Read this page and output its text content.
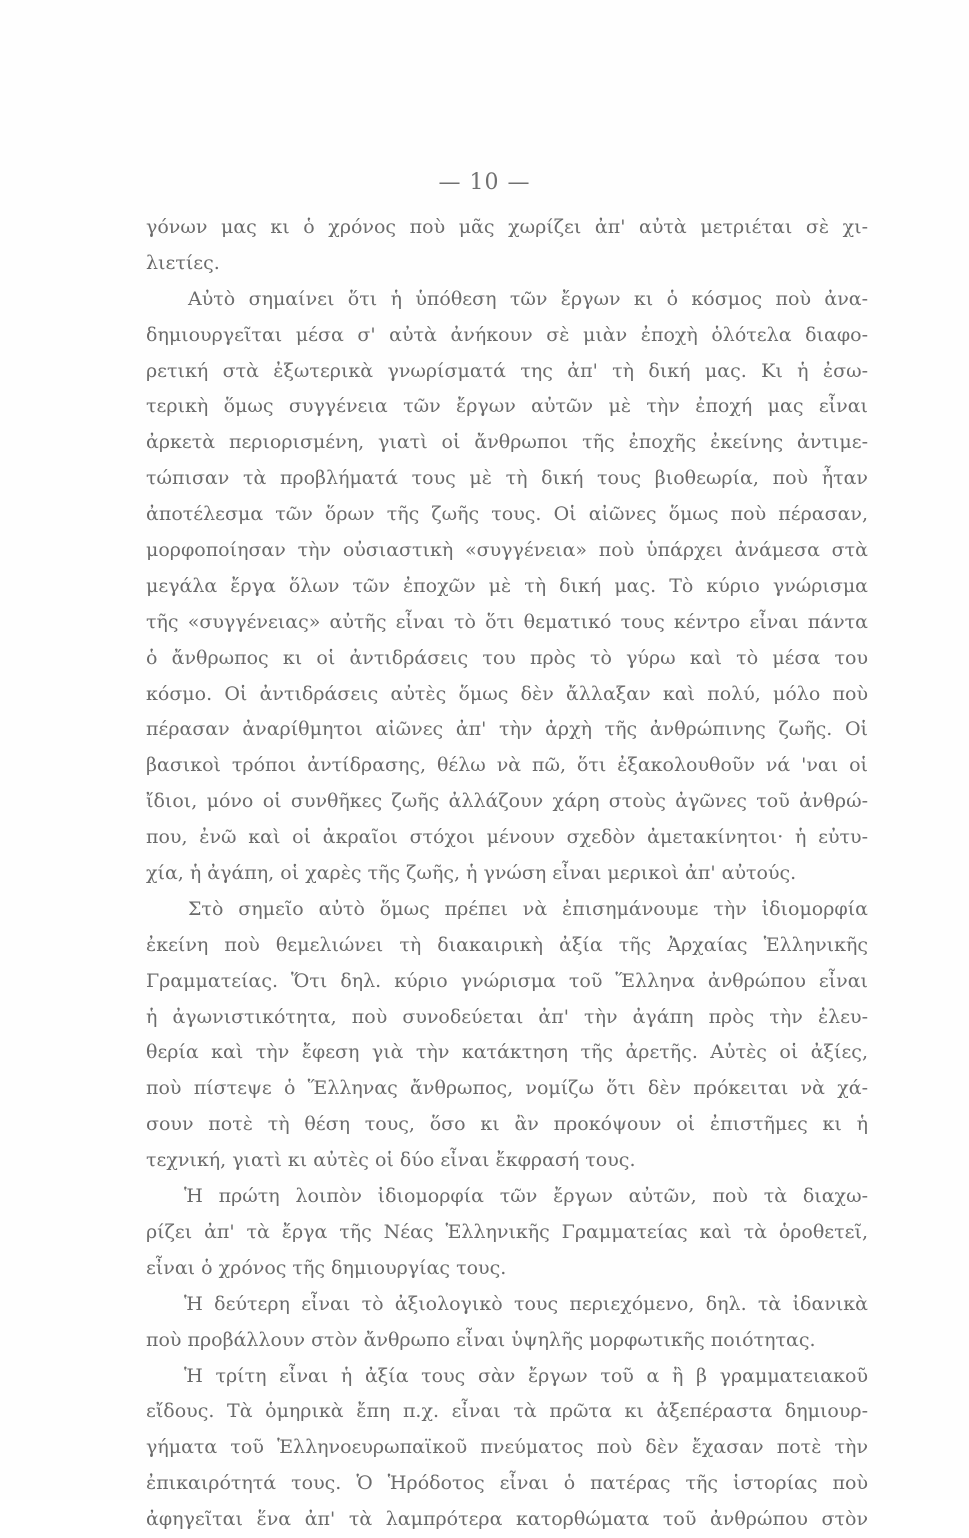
— 10 —
γόνων μας κι ὁ χρόνος ποὺ μᾶς χωρίζει ἀπ' αὐτὰ μετριέται σὲ χι-
λιετίες.
Αὐτὸ σημαίνει ὅτι ἡ ὑπόθεση τῶν ἔργων κι ὁ κόσμος ποὺ ἀνα-
δημιουργεῖται μέσα σ' αὐτὰ ἀνήκουν σὲ μιὰν ἐποχὴ ὁλότελα διαφο-
ρετική στὰ ἐξωτερικὰ γνωρίσματά της ἀπ' τὴ δική μας. Κι ἡ ἐσω-
τερικὴ ὅμως συγγένεια τῶν ἔργων αὐτῶν μὲ τὴν ἐποχή μας εἶναι
ἀρκετὰ περιορισμένη, γιατὶ οἱ ἄνθρωποι τῆς ἐποχῆς ἐκείνης ἀντιμε-
τώπισαν τὰ προβλήματά τους μὲ τὴ δική τους βιοθεωρία, ποὺ ἦταν
ἀποτέλεσμα τῶν ὅρων τῆς ζωῆς τους. Οἱ αἰῶνες ὅμως ποὺ πέρασαν,
μορφοποίησαν τὴν οὐσιαστικὴ «συγγένεια» ποὺ ὑπάρχει ἀνάμεσα στὰ
μεγάλα ἔργα ὅλων τῶν ἐποχῶν μὲ τὴ δική μας. Τὸ κύριο γνώρισμα
τῆς «συγγένειας» αὐτῆς εἶναι τὸ ὅτι θεματικό τους κέντρο εἶναι πάντα
ὁ ἄνθρωπος κι οἱ ἀντιδράσεις του πρὸς τὸ γύρω καὶ τὸ μέσα του
κόσμο. Οἱ ἀντιδράσεις αὐτὲς ὅμως δὲν ἄλλαξαν καὶ πολύ, μόλο ποὺ
πέρασαν ἀναρίθμητοι αἰῶνες ἀπ' τὴν ἀρχὴ τῆς ἀνθρώπινης ζωῆς. Οἱ
βασικοὶ τρόποι ἀντίδρασης, θέλω νὰ πῶ, ὅτι ἐξακολουθοῦν νά 'ναι οἱ
ἴδιοι, μόνο οἱ συνθῆκες ζωῆς ἀλλάζουν χάρη στοὺς ἀγῶνες τοῦ ἀνθρώ-
που, ἐνῶ καὶ οἱ ἀκραῖοι στόχοι μένουν σχεδὸν ἀμετακίνητοι· ἡ εὐτυ-
χία, ἡ ἀγάπη, οἱ χαρὲς τῆς ζωῆς, ἡ γνώση εἶναι μερικοὶ ἀπ' αὐτούς.
Στὸ σημεῖο αὐτὸ ὅμως πρέπει νὰ ἐπισημάνουμε τὴν ἰδιομορφία
ἐκείνη ποὺ θεμελιώνει τὴ διακαιρικὴ ἀξία τῆς Ἀρχαίας Ἑλληνικῆς
Γραμματείας. Ὅτι δηλ. κύριο γνώρισμα τοῦ Ἕλληνα ἀνθρώπου εἶναι
ἡ ἀγωνιστικότητα, ποὺ συνοδεύεται ἀπ' τὴν ἀγάπη πρὸς τὴν ἐλευ-
θερία καὶ τὴν ἔφεση γιὰ τὴν κατάκτηση τῆς ἀρετῆς. Αὐτὲς οἱ ἀξίες,
ποὺ πίστεψε ὁ Ἕλληνας ἄνθρωπος, νομίζω ὅτι δὲν πρόκειται νὰ χά-
σουν ποτὲ τὴ θέση τους, ὅσο κι ἂν προκόψουν οἱ ἐπιστῆμες κι ἡ
τεχνική, γιατὶ κι αὐτὲς οἱ δύο εἶναι ἔκφρασή τους.
Ἡ πρώτη λοιπὸν ἰδιομορφία τῶν ἔργων αὐτῶν, ποὺ τὰ διαχω-
ρίζει ἀπ' τὰ ἔργα τῆς Νέας Ἑλληνικῆς Γραμματείας καὶ τὰ ὁροθετεῖ,
εἶναι ὁ χρόνος τῆς δημιουργίας τους.
Ἡ δεύτερη εἶναι τὸ ἀξιολογικὸ τους περιεχόμενο, δηλ. τὰ ἰδανικὰ
ποὺ προβάλλουν στὸν ἄνθρωπο εἶναι ὑψηλῆς μορφωτικῆς ποιότητας.
Ἡ τρίτη εἶναι ἡ ἀξία τους σὰν ἔργων τοῦ α ἢ β γραμματειακοῦ
εἴδους. Τὰ ὁμηρικὰ ἔπη π.χ. εἶναι τὰ πρῶτα κι ἀξεπέραστα δημιουρ-
γήματα τοῦ Ἑλληνοευρωπαϊκοῦ πνεύματος ποὺ δὲν ἔχασαν ποτὲ τὴν
ἐπικαιρότητά τους. Ὁ Ἡρόδοτος εἶναι ὁ πατέρας τῆς ἱστορίας ποὺ
ἀφηγεῖται ἕνα ἀπ' τὰ λαμπρότερα κατορθώματα τοῦ ἀνθρώπου στὸν
